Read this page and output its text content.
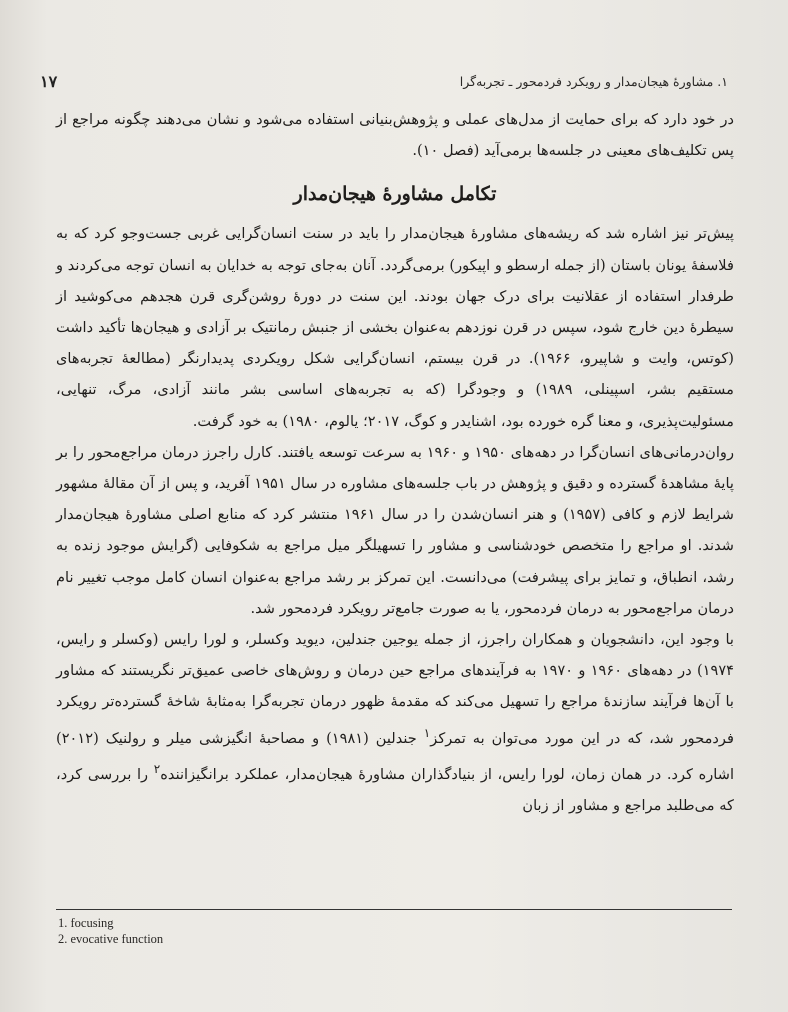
۱. مشاورۀ هیجان‌مدار و رویکرد فردمحور ـ تجربه‌گرا
۱۷

در خود دارد که برای حمایت از مدل‌های عملی و پژوهش‌بنیانی استفاده می‌شود و نشان می‌دهند چگونه مراجع از پس تکلیف‌های معینی در جلسه‌ها برمی‌آید (فصل ۱۰).

تکامل مشاورۀ هیجان‌مدار

پیش‌تر نیز اشاره شد که ریشه‌های مشاورۀ هیجان‌مدار را باید در سنت انسان‌گرایی غربی جست‌وجو کرد که به فلاسفۀ یونان باستان (از جمله ارسطو و اپیکور) برمی‌گردد. آنان به‌جای توجه به خدایان به انسان توجه می‌کردند و طرفدار استفاده از عقلانیت برای درک جهان بودند. این سنت در دورۀ روشن‌گری قرن هجدهم می‌کوشید از سیطرۀ دین خارج شود، سپس در قرن نوزدهم به‌عنوان بخشی از جنبش رمانتیک بر آزادی و هیجان‌ها تأکید داشت (کوتس، وایت و شاپیرو، ۱۹۶۶). در قرن بیستم، انسان‌گرایی شکل رویکردی پدیدارنگر (مطالعۀ تجربه‌های مستقیم بشر، اسپینلی، ۱۹۸۹) و وجودگرا (که به تجربه‌های اساسی بشر مانند آزادی، مرگ، تنهایی، مسئولیت‌پذیری، و معنا گره خورده بود، اشنایدر و کوگ، ۲۰۱۷؛ یالوم، ۱۹۸۰) به خود گرفت.

روان‌درمانی‌های انسان‌گرا در دهه‌های ۱۹۵۰ و ۱۹۶۰ به سرعت توسعه یافتند. کارل راجرز درمان مراجع‌محور را بر پایۀ مشاهدۀ گسترده و دقیق و پژوهش در باب جلسه‌های مشاوره در سال ۱۹۵۱ آفرید، و پس از آن مقالۀ مشهور شرایط لازم و کافی (۱۹۵۷) و هنر انسان‌شدن را در سال ۱۹۶۱ منتشر کرد که منابع اصلی مشاورۀ هیجان‌مدار شدند. او مراجع را متخصص خودشناسی و مشاور را تسهیلگر میل مراجع به شکوفایی (گرایش موجود زنده به رشد، انطباق، و تمایز برای پیشرفت) می‌دانست. این تمرکز بر رشد مراجع به‌عنوان انسان کامل موجب تغییر نام درمان مراجع‌محور به درمان فردمحور، یا به صورت جامع‌تر رویکرد فردمحور شد.

با وجود این، دانشجویان و همکاران راجرز، از جمله یوجین جندلین، دیوید وکسلر، و لورا رایس (وکسلر و رایس، ۱۹۷۴) در دهه‌های ۱۹۶۰ و ۱۹۷۰ به فرآیندهای مراجع حین درمان و روش‌های خاصی عمیق‌تر نگریستند که مشاور با آن‌ها فرآیند سازندۀ مراجع را تسهیل می‌کند که مقدمۀ ظهور درمان تجربه‌گرا به‌مثابۀ شاخۀ گسترده‌تر رویکرد فردمحور شد، که در این مورد می‌توان به تمرکز$^۱$ جندلین (۱۹۸۱) و مصاحبۀ انگیزشی میلر و رولنیک (۲۰۱۲) اشاره کرد. در همان زمان، لورا رایس، از بنیادگذاران مشاورۀ هیجان‌مدار، عملکرد برانگیزاننده$^۲$ را بررسی کرد، که می‌طلبد مراجع و مشاور از زبان

1. focusing
2. evocative function
